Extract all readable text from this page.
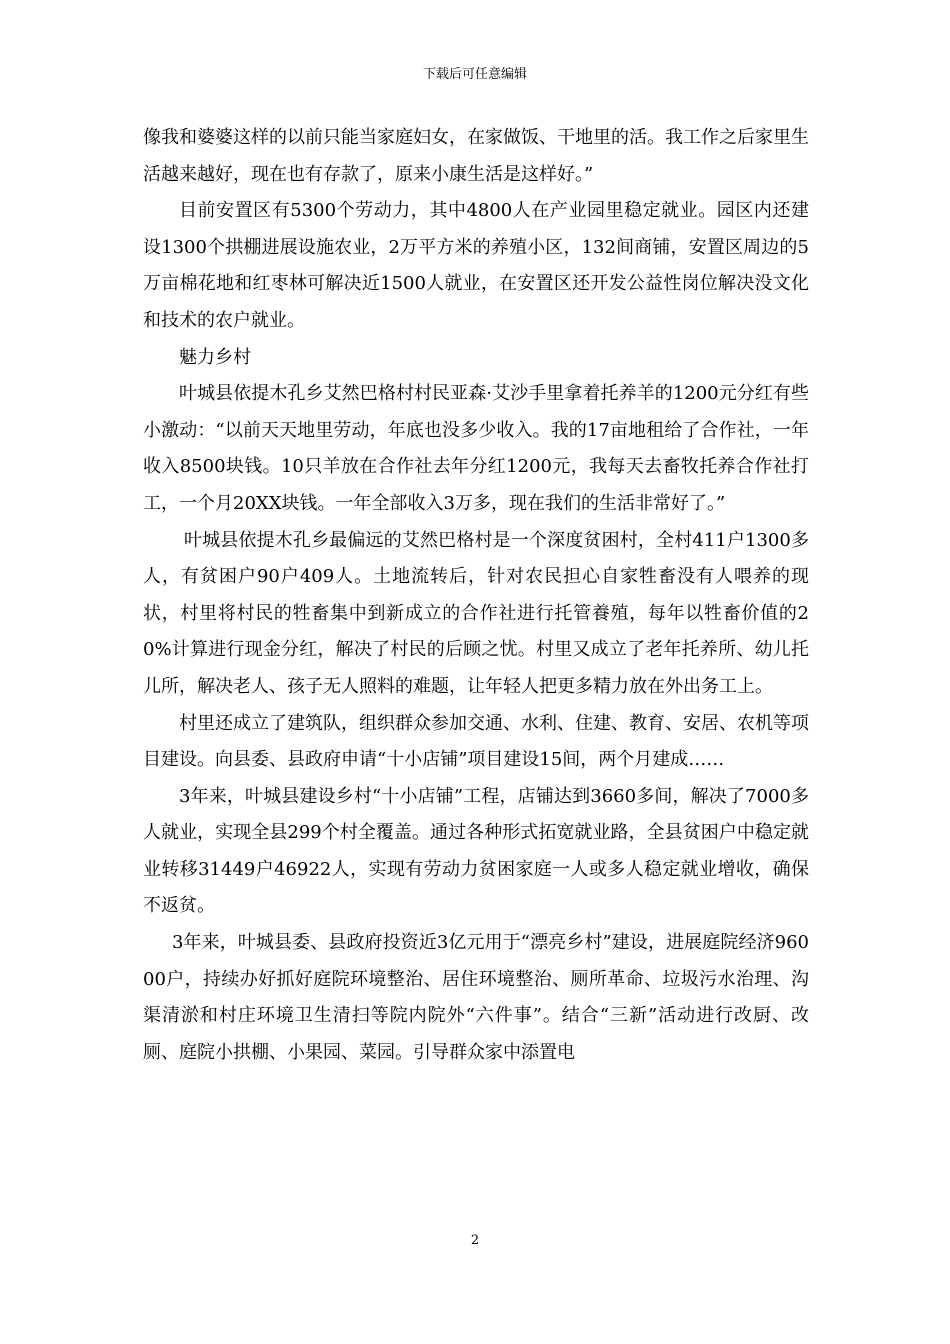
下载后可任意编辑

像我和婆婆这样的以前只能当家庭妇女，在家做饭、干地里的活。我工作之后家里生活越来越好，现在也有存款了，原来小康生活是这样好。”

目前安置区有5300个劳动力，其中4800人在产业园里稳定就业。园区内还建设1300个拱棚进展设施农业，2万平方米的养殖小区，132间商铺，安置区周边的5万亩棉花地和红枣林可解决近1500人就业，在安置区还开发公益性岗位解决没文化和技术的农户就业。

魅力乡村

叶城县依提木孔乡艾然巴格村村民亚森·艾沙手里拿着托养羊的1200元分红有些小激动：“以前天天地里劳动，年底也没多少收入。我的17亩地租给了合作社，一年收入8500块钱。10只羊放在合作社去年分红1200元，我每天去畜牧托养合作社打工，一个月20XX块钱。一年全部收入3万多，现在我们的生活非常好了。”

叶城县依提木孔乡最偏远的艾然巴格村是一个深度贫困村，全村411户1300多人，有贫困户90户409人。土地流转后，针对农民担心自家牲畜没有人喂养的现状，村里将村民的牲畜集中到新成立的合作社进行托管養殖，每年以牲畜价值的20%计算进行现金分红，解决了村民的后顾之忧。村里又成立了老年托养所、幼儿托儿所，解决老人、孩子无人照料的难题，让年轻人把更多精力放在外出务工上。

村里还成立了建筑队，组织群众参加交通、水利、住建、教育、安居、农机等项目建设。向县委、县政府申请“十小店铺”项目建设15间，两个月建成……

3年来，叶城县建设乡村“十小店铺”工程，店铺达到3660多间，解决了7000多人就业，实现全县299个村全覆盖。通过各种形式拓宽就业路，全县贫困户中稳定就业转移31449户46922人，实现有劳动力贫困家庭一人或多人稳定就业增收，确保不返贫。

3年来，叶城县委、县政府投资近3亿元用于“漂亮乡村”建设，进展庭院经济96000户，持续办好抓好庭院环境整治、居住环境整治、厕所革命、垃圾污水治理、沟渠清淤和村庄环境卫生清扫等院内院外“六件事”。结合“三新”活动进行改厨、改厕、庭院小拱棚、小果园、菜园。引导群众家中添置电

2
